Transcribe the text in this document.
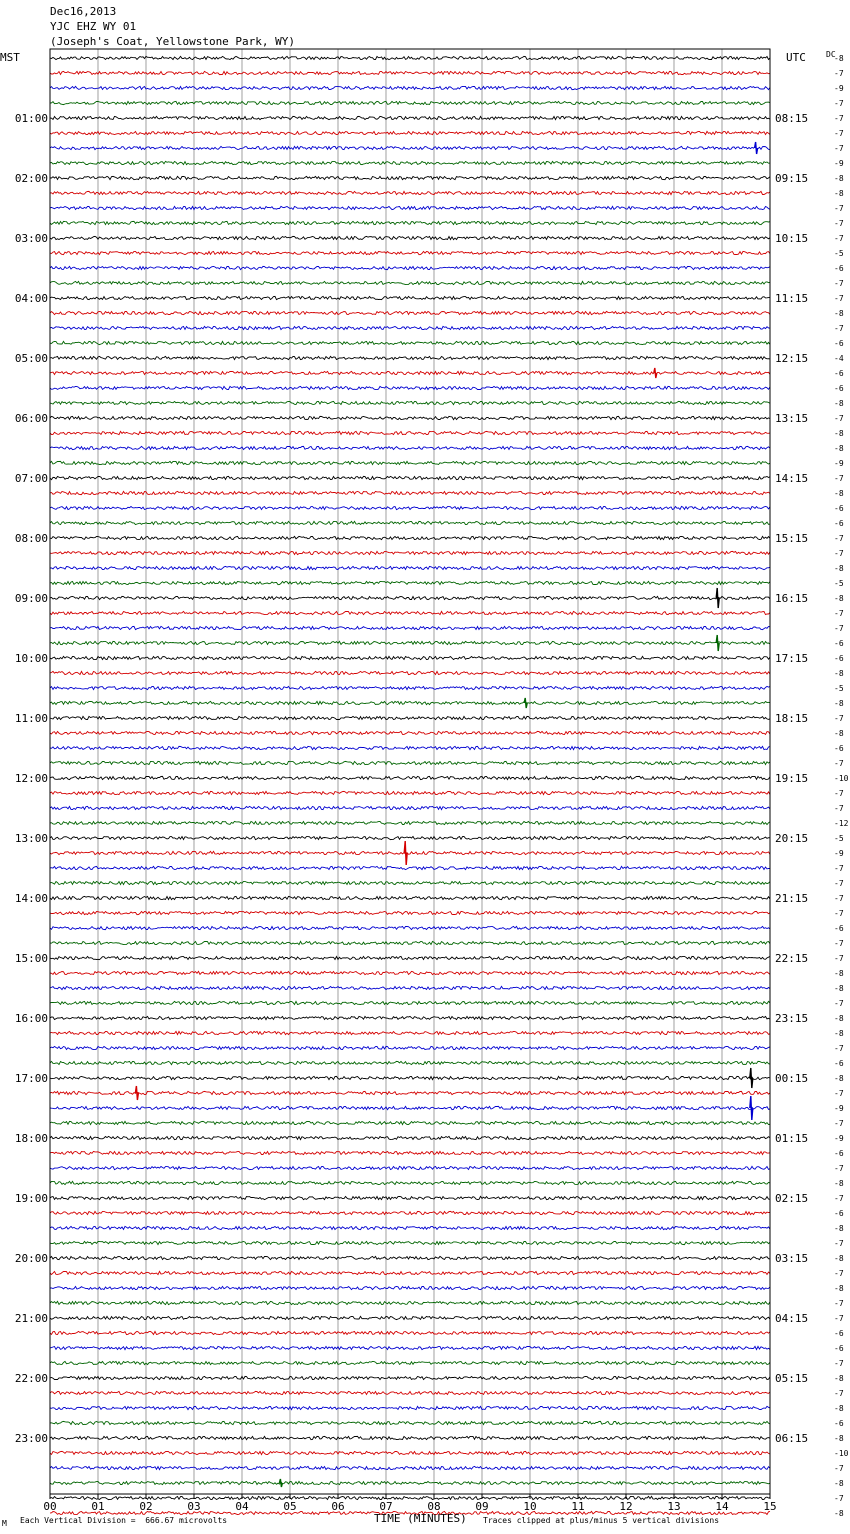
Dec16,2013
YJC EHZ WY 01
(Joseph's Coat, Yellowstone Park, WY)
MST	UTC	DC
01:00	08:15
02:00	09:15
03:00	10:15
04:00	11:15
05:00	12:15
06:00	13:15
07:00	14:15
08:00	15:15
09:00	16:15
10:00	17:15
11:00	18:15
12:00	19:15
13:00	20:15
14:00	21:15
15:00	22:15
16:00	23:15
17:00	00:15
18:00	01:15
19:00	02:15
20:00	03:15
21:00	04:15
22:00	05:15
23:00	06:15
-8
-7
-9
-7
-7
-7
-7
-9
-8
-8
-7
-7
-7
-5
-6
-7
-7
-8
-7
-6
-4
-6
-6
-8
-7
-8
-8
-9
-7
-8
-6
-6
-7
-7
-8
-5
-8
-7
-7
-6
-6
-8
-5
-8
-7
-8
-6
-7
-10
-7
-7
-12
-5
-9
-7
-7
-7
-7
-6
-7
-7
-8
-8
-7
-8
-8
-7
-6
-8
-7
-9
-7
-9
-6
-7
-8
-7
-6
-8
-7
-8
-7
-8
-7
-7
-6
-6
-7
-8
-7
-8
-6
-8
-10
-7
-8
-7
-8
00	01	02	03	04	05	06	07	08	09	10	11	12	13	14	15
TIME (MINUTES)
M Each Vertical Division =  666.67 microvolts	Traces clipped at plus/minus 5 vertical divisions
